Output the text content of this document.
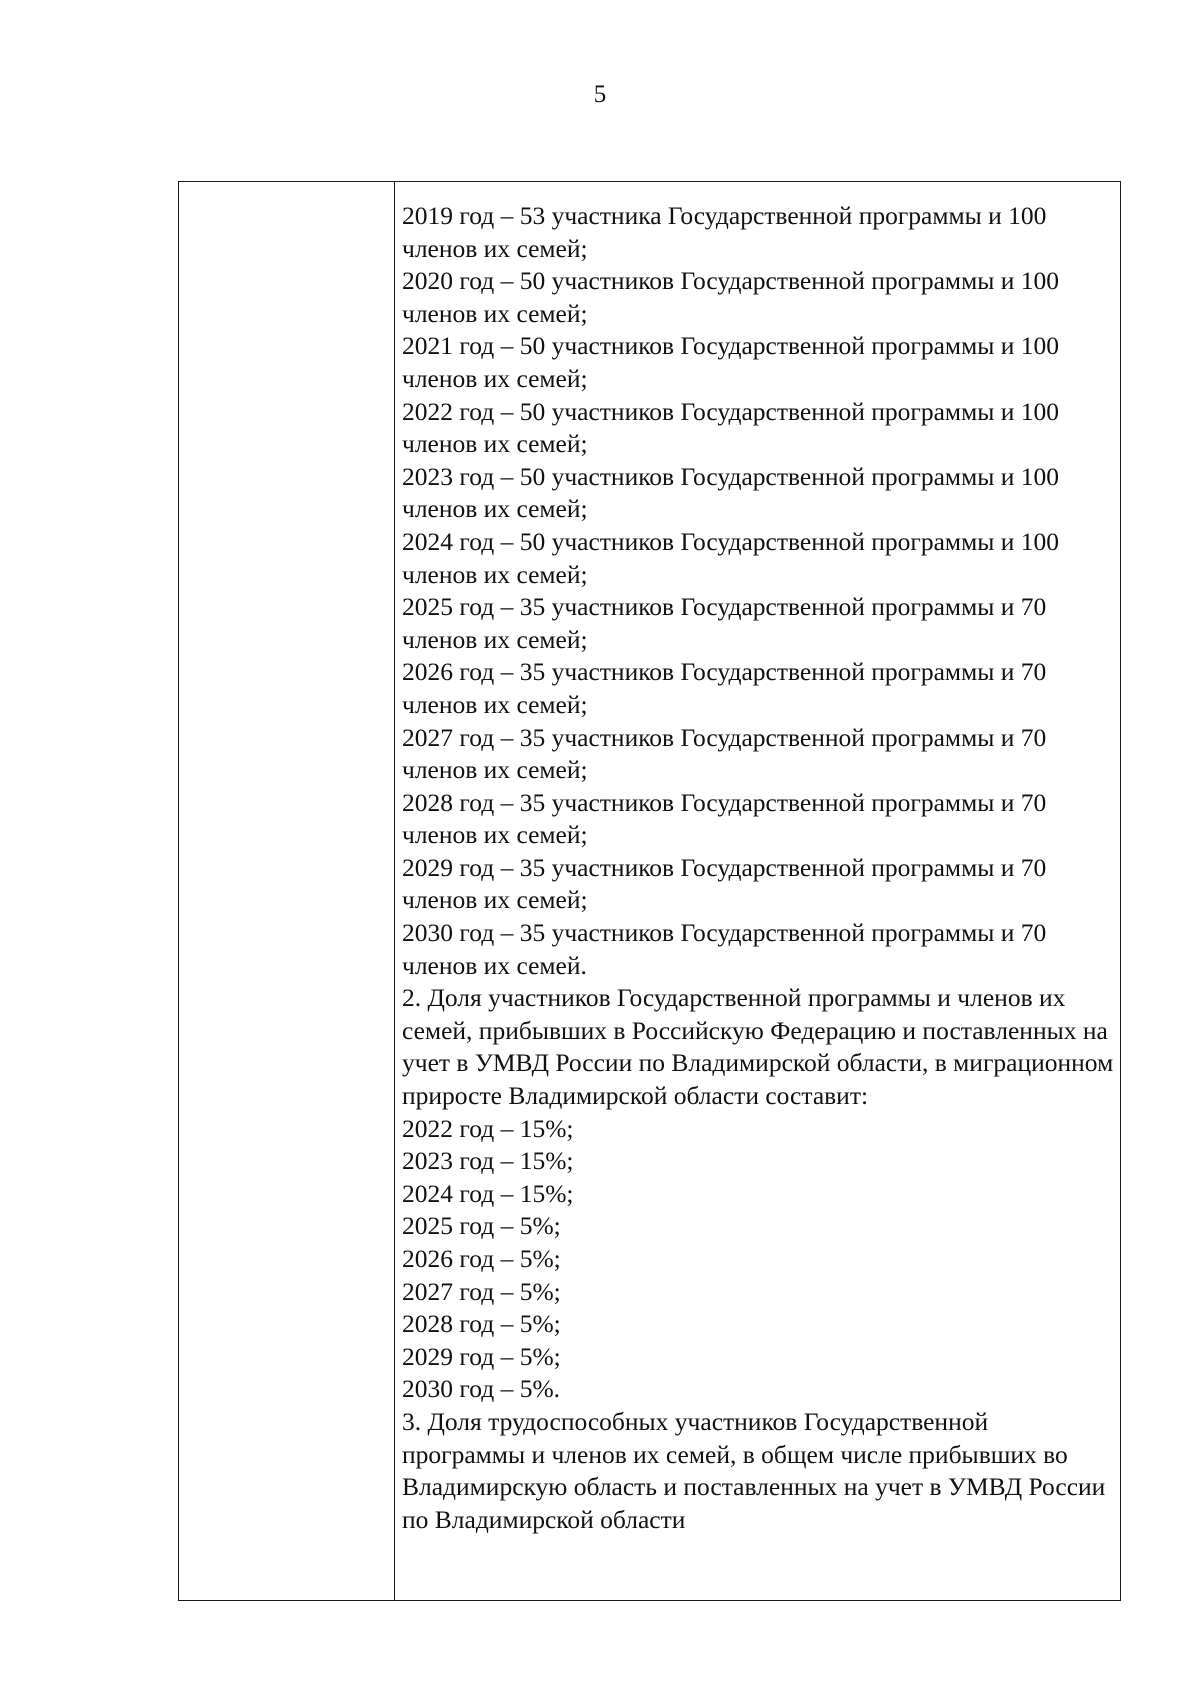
5

2019 год – 53 участника Государственной программы и 100 членов их семей;

2020 год – 50 участников Государственной программы и 100 членов их семей;

2021 год – 50 участников Государственной программы и 100 членов их семей;

2022 год – 50 участников Государственной программы и 100 членов их семей;

2023 год – 50 участников Государственной программы и 100 членов их семей;

2024 год – 50 участников Государственной программы и 100 членов их семей;

2025 год – 35 участников Государственной программы и 70 членов их семей;

2026 год – 35 участников Государственной программы и 70 членов их семей;

2027 год – 35 участников Государственной программы и 70 членов их семей;

2028 год – 35 участников Государственной программы и 70 членов их семей;

2029 год – 35 участников Государственной программы и 70 членов их семей;

2030 год – 35 участников Государственной программы и 70 членов их семей.

2. Доля участников Государственной программы и членов их семей, прибывших в Российскую Федерацию и поставленных на учет в УМВД России по Владимирской области, в миграционном приросте Владимирской области составит:

2022 год – 15%;

2023 год – 15%;

2024 год – 15%;

2025 год – 5%;

2026 год – 5%;

2027 год – 5%;

2028 год – 5%;

2029 год – 5%;

2030 год – 5%.

3. Доля трудоспособных участников Государственной программы и членов их семей, в общем числе прибывших во Владимирскую область и поставленных на учет в УМВД России по Владимирской области
